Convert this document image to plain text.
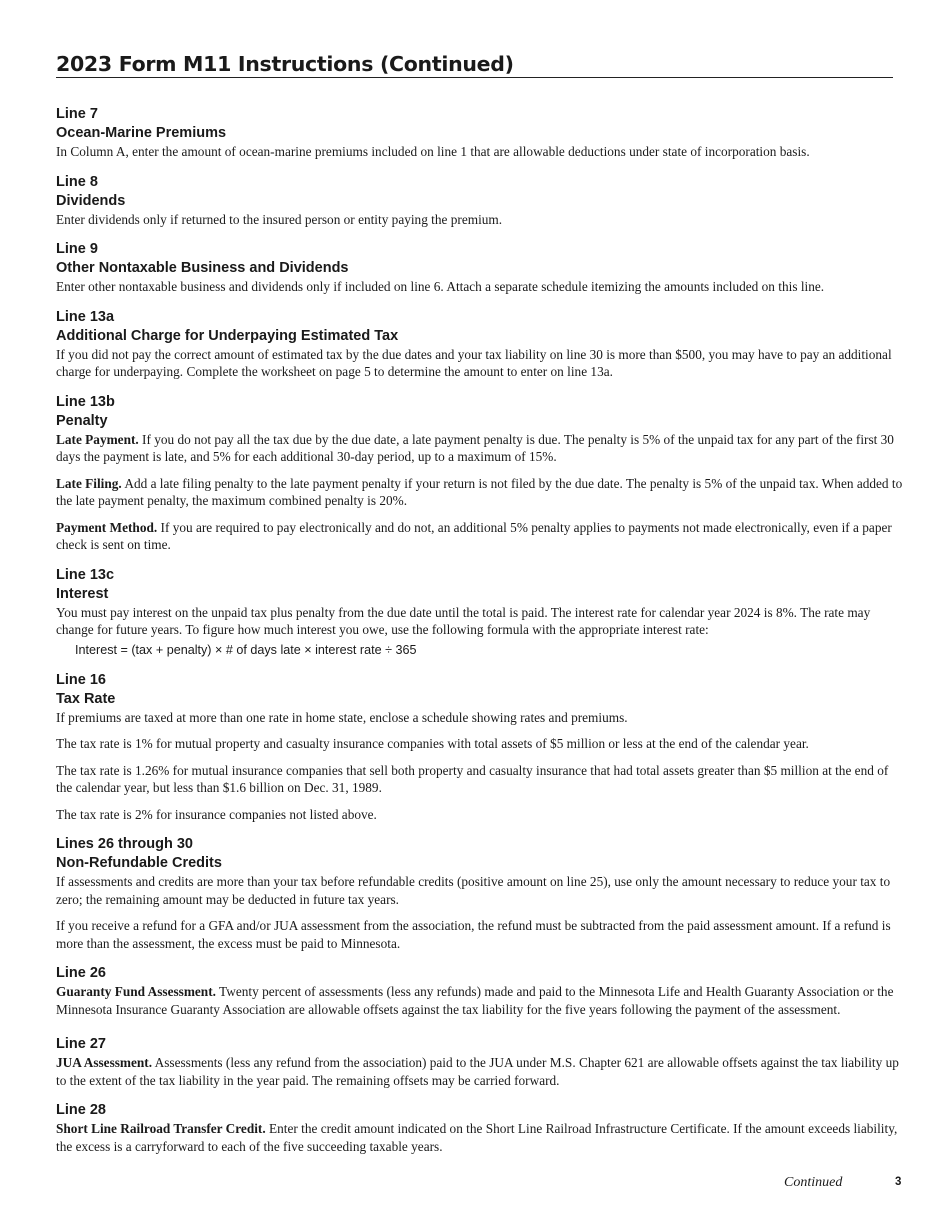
2023 Form M11 Instructions (Continued)
Line 7
Ocean-Marine Premiums

In Column A, enter the amount of ocean-marine premiums included on line 1 that are allowable deductions under state of incorporation basis.

Line 8
Dividends

Enter dividends only if returned to the insured person or entity paying the premium.

Line 9
Other Nontaxable Business and Dividends

Enter other nontaxable business and dividends only if included on line 6. Attach a separate schedule itemizing the amounts included on this line.

Line 13a
Additional Charge for Underpaying Estimated Tax

If you did not pay the correct amount of estimated tax by the due dates and your tax liability on line 30 is more than $500, you may have to pay an additional charge for underpaying. Complete the worksheet on page 5 to determine the amount to enter on line 13a.

Line 13b
Penalty

Late Payment. If you do not pay all the tax due by the due date, a late payment penalty is due. The penalty is 5% of the unpaid tax for any part of the first 30 days the payment is late, and 5% for each additional 30-day period, up to a maximum of 15%.

Late Filing. Add a late filing penalty to the late payment penalty if your return is not filed by the due date. The penalty is 5% of the unpaid tax. When added to the late payment penalty, the maximum combined penalty is 20%.

Payment Method. If you are required to pay electronically and do not, an additional 5% penalty applies to payments not made electronically, even if a paper check is sent on time.

Line 13c
Interest

You must pay interest on the unpaid tax plus penalty from the due date until the total is paid. The interest rate for calendar year 2024 is 8%. The rate may change for future years. To figure how much interest you owe, use the following formula with the appropriate interest rate:

Interest = (tax + penalty) × # of days late × interest rate ÷ 365
Line 16
Tax Rate

If premiums are taxed at more than one rate in home state, enclose a schedule showing rates and premiums.

The tax rate is 1% for mutual property and casualty insurance companies with total assets of $5 million or less at the end of the calendar year.

The tax rate is 1.26% for mutual insurance companies that sell both property and casualty insurance that had total assets greater than $5 million at the end of the calendar year, but less than $1.6 billion on Dec. 31, 1989.

The tax rate is 2% for insurance companies not listed above.

Lines 26 through 30
Non-Refundable Credits

If assessments and credits are more than your tax before refundable credits (positive amount on line 25), use only the amount necessary to reduce your tax to zero; the remaining amount may be deducted in future tax years.

If you receive a refund for a GFA and/or JUA assessment from the association, the refund must be subtracted from the paid assessment amount. If a refund is more than the assessment, the excess must be paid to Minnesota.

Line 26

Guaranty Fund Assessment. Twenty percent of assessments (less any refunds) made and paid to the Minnesota Life and Health Guaranty Association or the Minnesota Insurance Guaranty Association are allowable offsets against the tax liability for the five years following the payment of the assessment.

Line 27

JUA Assessment. Assessments (less any refund from the association) paid to the JUA under M.S. Chapter 621 are allowable offsets against the tax liability up to the extent of the tax liability in the year paid. The remaining offsets may be carried forward.

Line 28

Short Line Railroad Transfer Credit. Enter the credit amount indicated on the Short Line Railroad Infrastructure Certificate. If the amount exceeds liability, the excess is a carryforward to each of the five succeeding taxable years.

Continued	3
